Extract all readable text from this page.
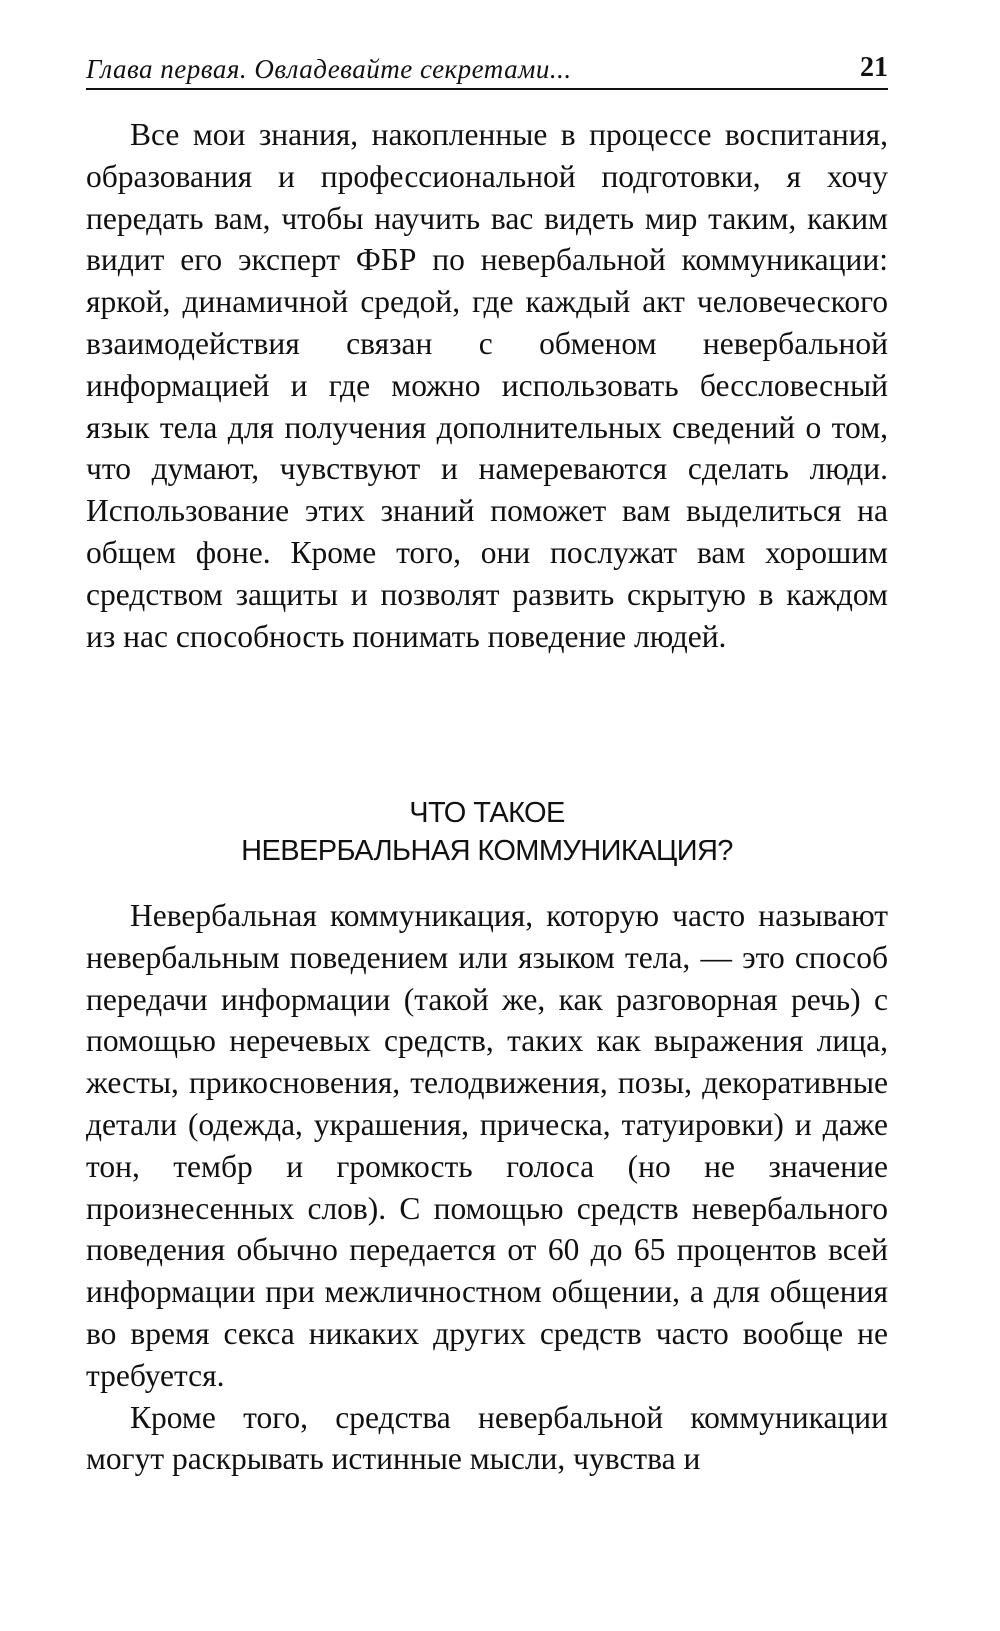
Глава первая. Овладевайте секретами...	21

Все мои знания, накопленные в процессе воспитания, образования и профессиональной подготовки, я хочу передать вам, чтобы научить вас видеть мир таким, каким видит его эксперт ФБР по невербальной коммуникации: яркой, динамичной средой, где каждый акт человеческого взаимодействия связан с обменом невербальной информацией и где можно использовать бессловесный язык тела для получения дополнительных сведений о том, что думают, чувствуют и намереваются сделать люди. Использование этих знаний поможет вам выделиться на общем фоне. Кроме того, они послужат вам хорошим средством защиты и позволят развить скрытую в каждом из нас способность понимать поведение людей.

ЧТО ТАКОЕ
НЕВЕРБАЛЬНАЯ КОММУНИКАЦИЯ?

Невербальная коммуникация, которую часто называют невербальным поведением или языком тела, — это способ передачи информации (такой же, как разговорная речь) с помощью неречевых средств, таких как выражения лица, жесты, прикосновения, телодвижения, позы, декоративные детали (одежда, украшения, прическа, татуировки) и даже тон, тембр и громкость голоса (но не значение произнесенных слов). С помощью средств невербального поведения обычно передается от 60 до 65 процентов всей информации при межличностном общении, а для общения во время секса никаких других средств часто вообще не требуется.

Кроме того, средства невербальной коммуникации могут раскрывать истинные мысли, чувства и
